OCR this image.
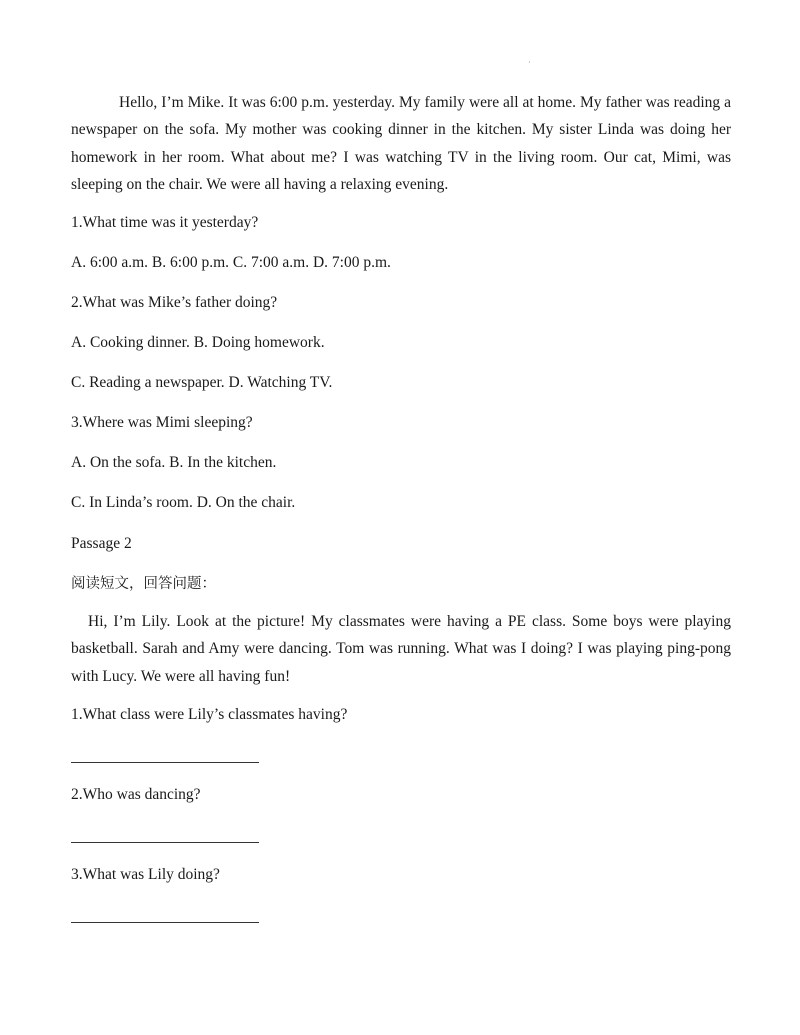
·

Hello, I’m Mike. It was 6:00 p.m. yesterday. My family were all at home. My father was reading a newspaper on the sofa. My mother was cooking dinner in the kitchen. My sister Linda was doing her homework in her room. What about me? I was watching TV in the living room. Our cat, Mimi, was sleeping on the chair. We were all having a relaxing evening.

1.What time was it yesterday?

A. 6:00 a.m. B. 6:00 p.m. C. 7:00 a.m. D. 7:00 p.m.

2.What was Mike’s father doing?

A. Cooking dinner. B. Doing homework.

C. Reading a newspaper. D. Watching TV.

3.Where was Mimi sleeping?

A. On the sofa. B. In the kitchen.

C. In Linda’s room. D. On the chair.

Passage 2

阅读短文，回答问题：

Hi, I’m Lily. Look at the picture! My classmates were having a PE class. Some boys were playing basketball. Sarah and Amy were dancing. Tom was running. What was I doing? I was playing ping-pong with Lucy. We were all having fun!

1.What class were Lily’s classmates having?

2.Who was dancing?

3.What was Lily doing?
